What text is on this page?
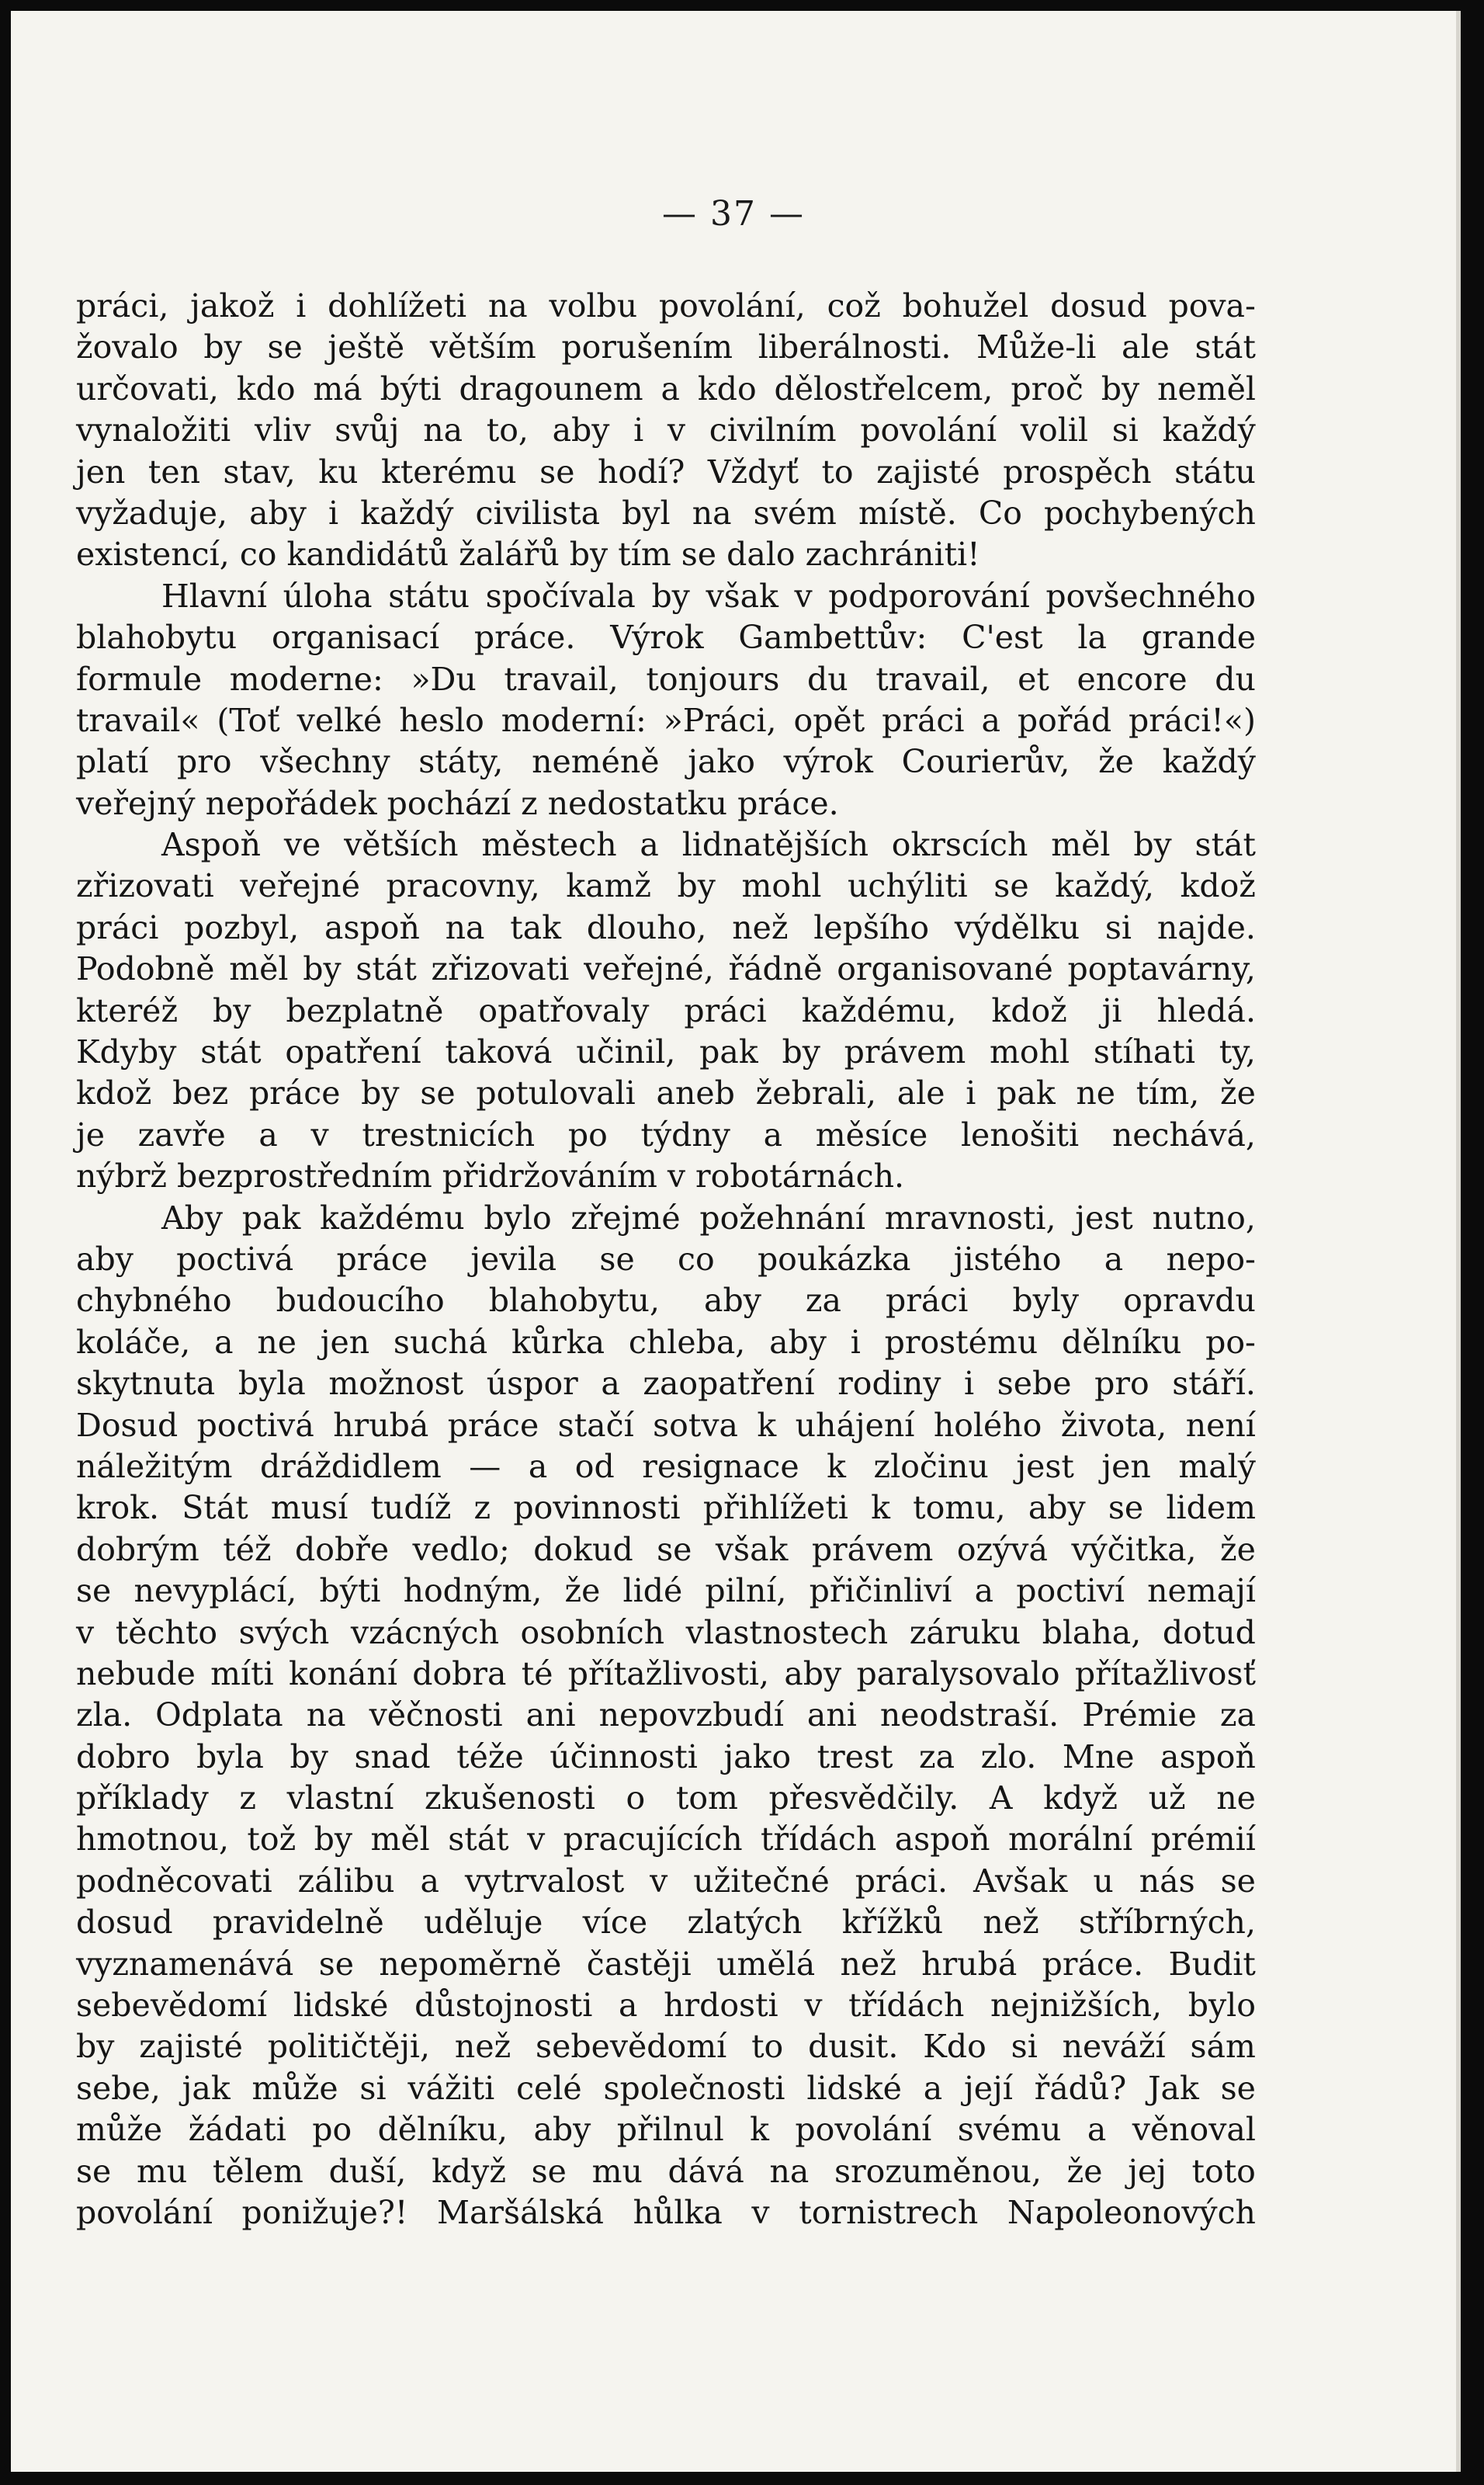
— 37 —
práci, jakož i dohlížeti na volbu povolání, což bohužel dosud pova-
žovalo by se ještě větším porušením liberálnosti. Může-li ale stát
určovati, kdo má býti dragounem a kdo dělostřelcem, proč by neměl
vynaložiti vliv svůj na to, aby i v civilním povolání volil si každý
jen ten stav, ku kterému se hodí? Vždyť to zajisté prospěch státu
vyžaduje, aby i každý civilista byl na svém místě. Co pochybených
existencí, co kandidátů žalářů by tím se dalo zachrániti!
Hlavní úloha státu spočívala by však v podporování povšechného
blahobytu organisací práce. Výrok Gambettův: C'est la grande
formule moderne: »Du travail, tonjours du travail, et encore du
travail« (Toť velké heslo moderní: »Práci, opět práci a pořád práci!«)
platí pro všechny státy, neméně jako výrok Courierův, že každý
veřejný nepořádek pochází z nedostatku práce.
Aspoň ve větších městech a lidnatějších okrscích měl by stát
zřizovati veřejné pracovny, kamž by mohl uchýliti se každý, kdož
práci pozbyl, aspoň na tak dlouho, než lepšího výdělku si najde.
Podobně měl by stát zřizovati veřejné, řádně organisované poptavárny,
kteréž by bezplatně opatřovaly práci každému, kdož ji hledá.
Kdyby stát opatření taková učinil, pak by právem mohl stíhati ty,
kdož bez práce by se potulovali aneb žebrali, ale i pak ne tím, že
je zavře a v trestnicích po týdny a měsíce lenošiti nechává,
nýbrž bezprostředním přidržováním v robotárnách.
Aby pak každému bylo zřejmé požehnání mravnosti, jest nutno,
aby poctivá práce jevila se co poukázka jistého a nepo-
chybného budoucího blahobytu, aby za práci byly opravdu
koláče, a ne jen suchá kůrka chleba, aby i prostému dělníku po-
skytnuta byla možnost úspor a zaopatření rodiny i sebe pro stáří.
Dosud poctivá hrubá práce stačí sotva k uhájení holého života, není
náležitým dráždidlem — a od resignace k zločinu jest jen malý
krok. Stát musí tudíž z povinnosti přihlížeti k tomu, aby se lidem
dobrým též dobře vedlo; dokud se však právem ozývá výčitka, že
se nevyplácí, býti hodným, že lidé pilní, přičinliví a poctiví nemají
v těchto svých vzácných osobních vlastnostech záruku blaha, dotud
nebude míti konání dobra té přítažlivosti, aby paralysovalo přítažlivosť
zla. Odplata na věčnosti ani nepovzbudí ani neodstraší. Prémie za
dobro byla by snad téže účinnosti jako trest za zlo. Mne aspoň
příklady z vlastní zkušenosti o tom přesvědčily. A když už ne
hmotnou, tož by měl stát v pracujících třídách aspoň morální prémií
podněcovati zálibu a vytrvalost v užitečné práci. Avšak u nás se
dosud pravidelně uděluje více zlatých křížků než stříbrných,
vyznamenává se nepoměrně častěji umělá než hrubá práce. Budit
sebevědomí lidské důstojnosti a hrdosti v třídách nejnižších, bylo
by zajisté političtěji, než sebevědomí to dusit. Kdo si neváží sám
sebe, jak může si vážiti celé společnosti lidské a její řádů? Jak se
může žádati po dělníku, aby přilnul k povolání svému a věnoval
se mu tělem duší, když se mu dává na srozuměnou, že jej toto
povolání ponižuje?! Maršálská hůlka v tornistrech Napoleonových
